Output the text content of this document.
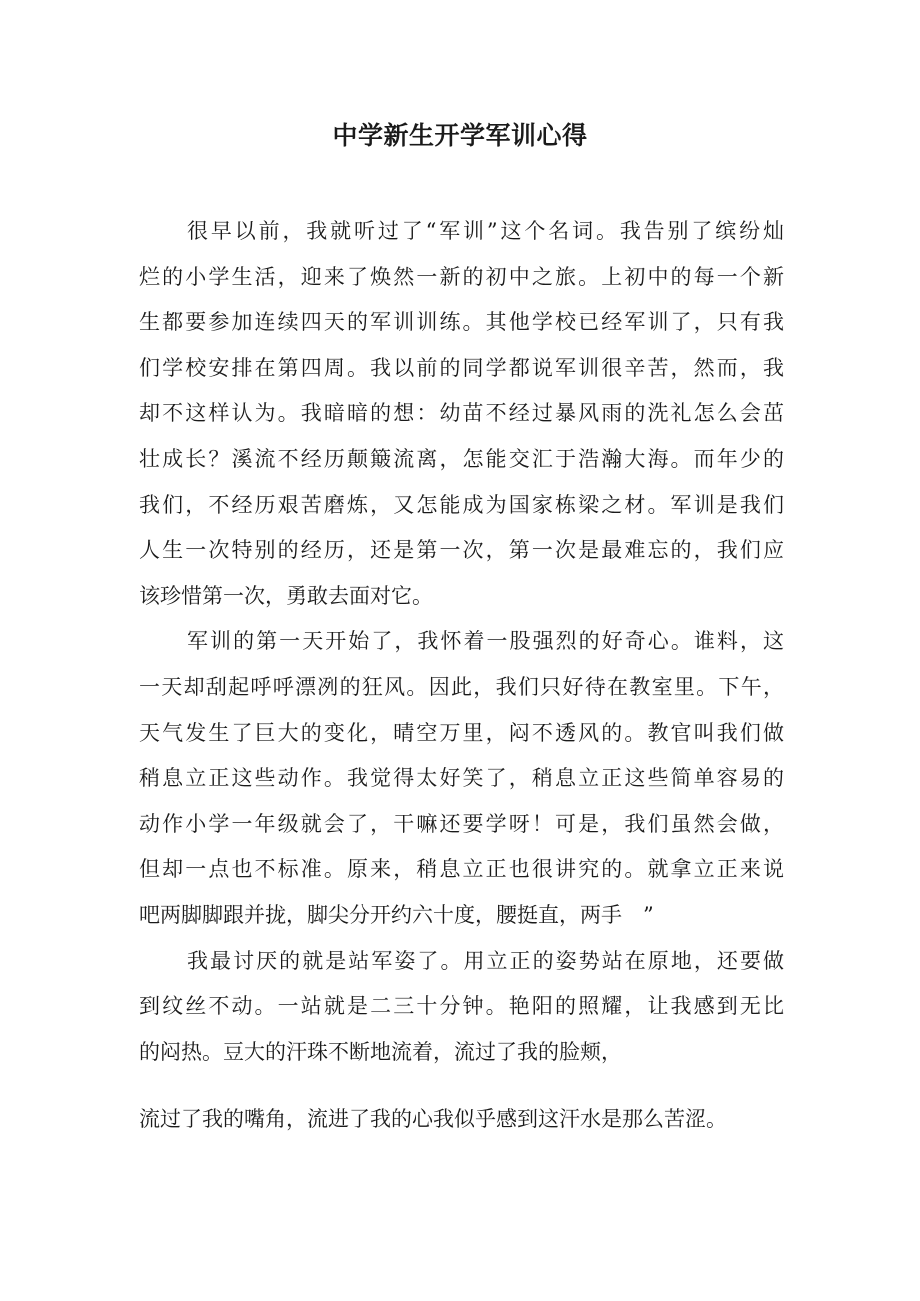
中学新生开学军训心得

很早以前，我就听过了“军训”这个名词。我告别了缤纷灿

烂的小学生活，迎来了焕然一新的初中之旅。上初中的每一个新

生都要参加连续四天的军训训练。其他学校已经军训了，只有我

们学校安排在第四周。我以前的同学都说军训很辛苦，然而，我

却不这样认为。我暗暗的想：幼苗不经过暴风雨的洗礼怎么会茁

壮成长？溪流不经历颠簸流离，怎能交汇于浩瀚大海。而年少的

我们，不经历艰苦磨炼，又怎能成为国家栋梁之材。军训是我们

人生一次特别的经历，还是第一次，第一次是最难忘的，我们应

该珍惜第一次，勇敢去面对它。

军训的第一天开始了，我怀着一股强烈的好奇心。谁料，这

一天却刮起呼呼漂冽的狂风。因此，我们只好待在教室里。下午，

天气发生了巨大的变化，晴空万里，闷不透风的。教官叫我们做

稍息立正这些动作。我觉得太好笑了，稍息立正这些简单容易的

动作小学一年级就会了，干嘛还要学呀！可是，我们虽然会做，

但却一点也不标准。原来，稍息立正也很讲究的。就拿立正来说

吧两脚脚跟并拢，脚尖分开约六十度，腰挺直，两手　”

我最讨厌的就是站军姿了。用立正的姿势站在原地，还要做

到纹丝不动。一站就是二三十分钟。艳阳的照耀，让我感到无比

的闷热。豆大的汗珠不断地流着，流过了我的脸颊，

流过了我的嘴角，流进了我的心我似乎感到这汗水是那么苦涩。
